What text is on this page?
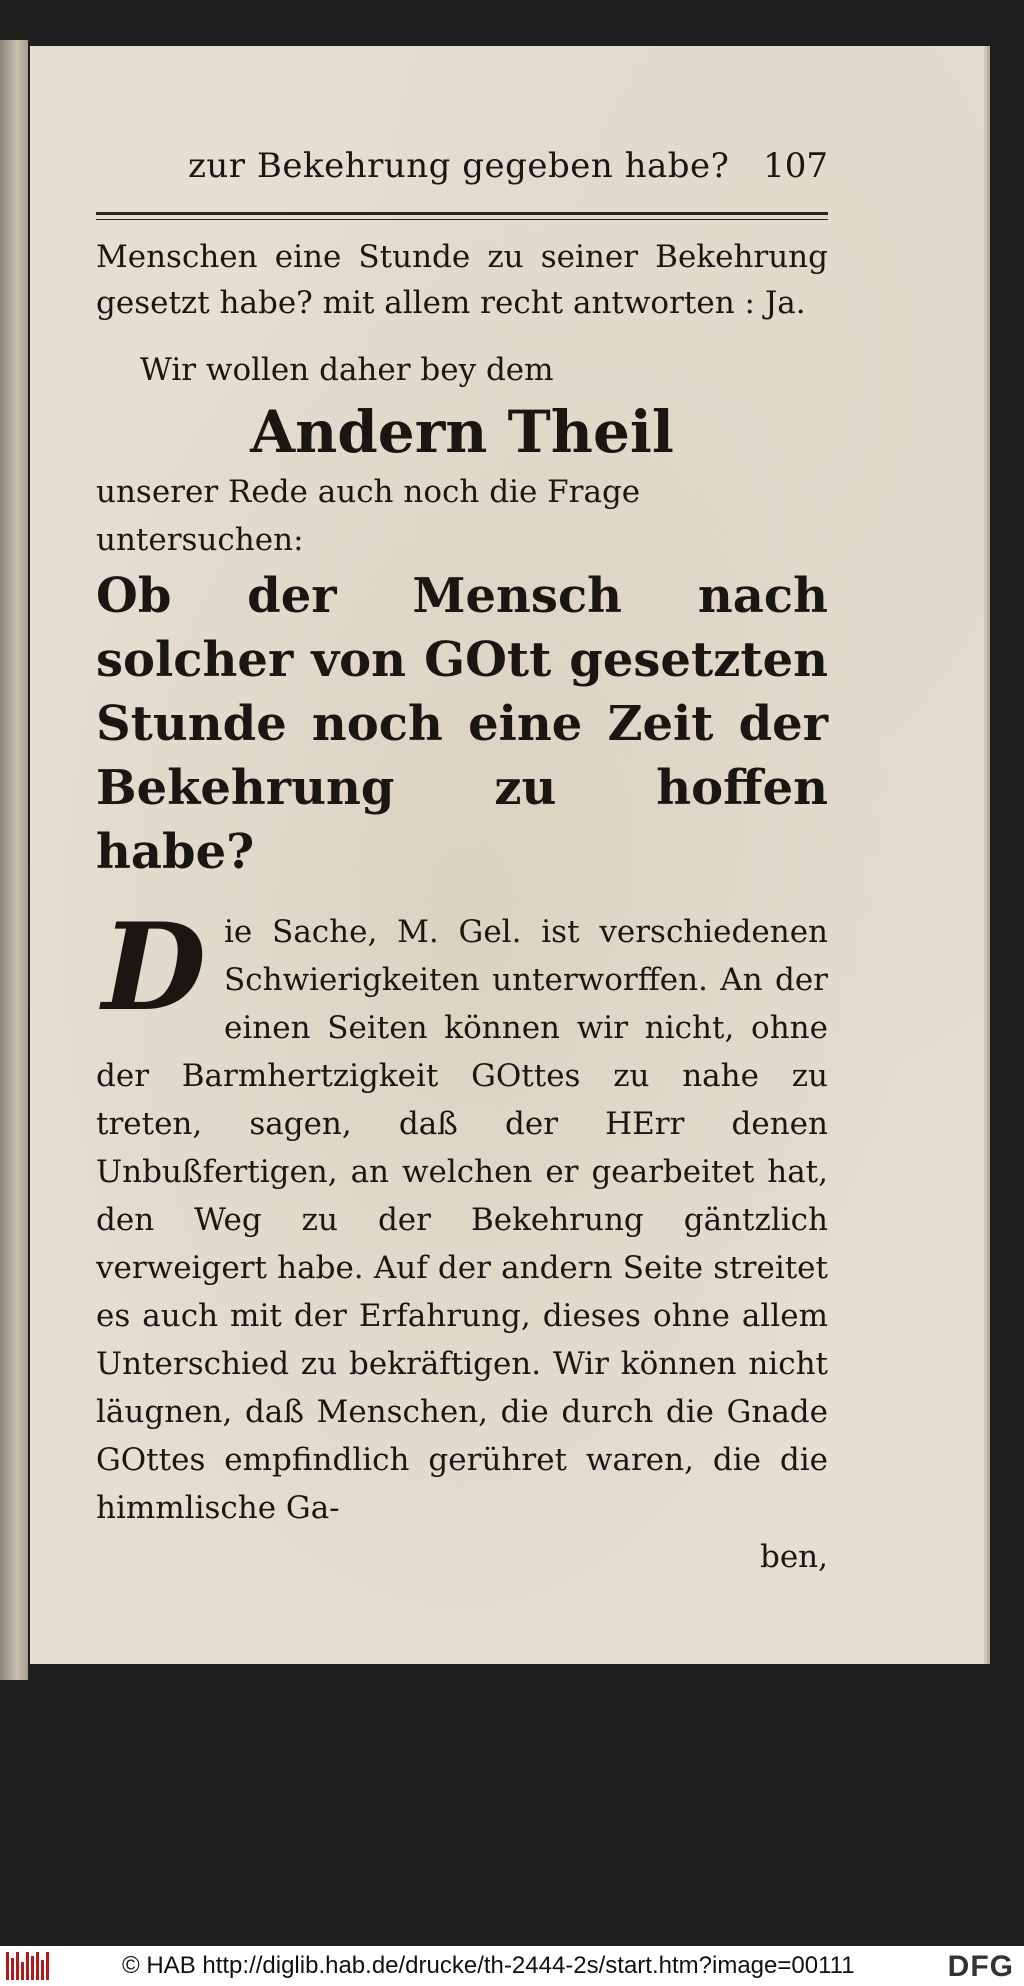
zur Bekehrung gegeben habe? 107

Menschen eine Stunde zu seiner Bekehrung gesetzt habe? mit allem recht antworten : Ja.

Wir wollen daher bey dem

Andern Theil

unserer Rede auch noch die Frage untersuchen:

Ob der Mensch nach solcher von GOtt gesetzten Stunde noch eine Zeit der Bekehrung zu hoffen habe?
D ie Sache, M. Gel. ist verschiedenen Schwierigkeiten unterworffen. An der einen Seiten können wir nicht, ohne der Barmhertzigkeit GOttes zu nahe zu treten, sagen, daß der HErr denen Unbußfertigen, an welchen er gearbeitet hat, den Weg zu der Bekehrung gäntzlich verweigert habe. Auf der andern Seite streitet es auch mit der Erfahrung, dieses ohne allem Unterschied zu bekräftigen. Wir können nicht läugnen, daß Menschen, die durch die Gnade GOttes empfindlich gerühret waren, die die himmlische Ga-
ben,
© HAB http://diglib.hab.de/drucke/th-2444-2s/start.htm?image=00111	DFG
